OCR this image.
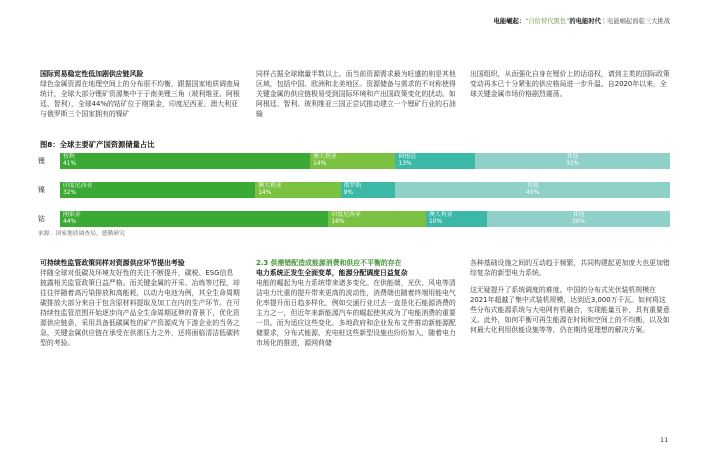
电能崛起：“自给替代黑色”的电能时代 | 电能崛起面临三大挑战

国际贸易稳定性低加剧供应链风险

绿色金属资源在地理空间上的分布很不均衡，跟据国家地质调查局统计，全球大部分锂矿资源集中于于南美锂三角（玻利维亚、阿根廷、智利），全球44%的钴矿位于刚果金，印度尼西亚、澳大利亚与俄罗斯三个国家拥有的镍矿

同样占据全球储量半数以上。而当前资源需求最为旺盛的则是其他区域，包括中国、欧洲和北美地区。资源储备与需求的不对称使得关键金属的供应链极易受到国际环境和产出国政策变化的扰动。如阿根廷、智利、玻利维亚三国正尝试推动建立一个锂矿行业的石油输

出国组织，从而强化自身在锂价上的话语权，请到主类的国际政策变动再本已十分紧张的供应格局进一步升温。自2020年以来，全球关键金属市场价格剧烈震荡。

图8：全球主要矿产国资源储量占比
锂	智利
41%
澳大利亚
14%
阿根廷
13%
其他
32%
镍	印度尼西亚
32%
澳大利亚
14%
俄罗斯
9%
其他
45%
钴	刚果金
44%
印度尼西亚
16%
澳大利亚
10%
其他
30%
来源：国家地质调查局，德勤研究

可持续性监管政策同样对资源供应环节提出考验

伴随全球对低碳及环境友好性的关注不断提升，碳税、ESG信息披露相关监管政策日益严格。而关键金属的开采、冶炼等过程，却往往伴随着高污染排放和高能耗，以动力电池为例，其全生命周期碳排放大部分来自于包含原材料提取及加工在内的生产环节。在可持续性监管范围开始逐步向产品全生命周期延伸的背景下，优化资源供应链条，采用具备低碳属性的矿产资源成为下游企业的当务之急，关键金属供应链在承受在供需压力之外，还将面临清洁低碳转型的考验。

2.3 供需错配造成能源消费和供应不平衡的存在

电力系统正发生全面变革，能源分配调度日益复杂

电能的崛起为电力系统带来诸多变化。在供能端，光伏、风电等清洁电力比重的提升带来更高的波动性，消费端也随着终端用能电气化率提升而日趋多样化，例如交通行业过去一直是化石能源消费的主力之一，但近年来新能源汽车的崛起使其成为了电能消费的重要一员。而为适应这些变化，多地政府和企业发布文件推动新能源配储要求，分布式能源、充电桩这些新型设施也纷纷加入，随着电力市场化的推进，源网荷储

各种基础设施之间的互动趋于频繁，共同构建起更加庞大也更加错综复杂的新型电力系统。

这无疑提升了系统调度的难度。中国的分布式光伏装机规模在2021年超越了集中式装机规模，达到近3,000万千瓦。如何将这些分布式能源系统与大电网有机融合，实现能量互补，具有重要意义。此外，如何平衡可再生能源在时间和空间上的不均衡，以及如何最大化利用供能设施等等，仍在期待更理想的解决方案。

11
